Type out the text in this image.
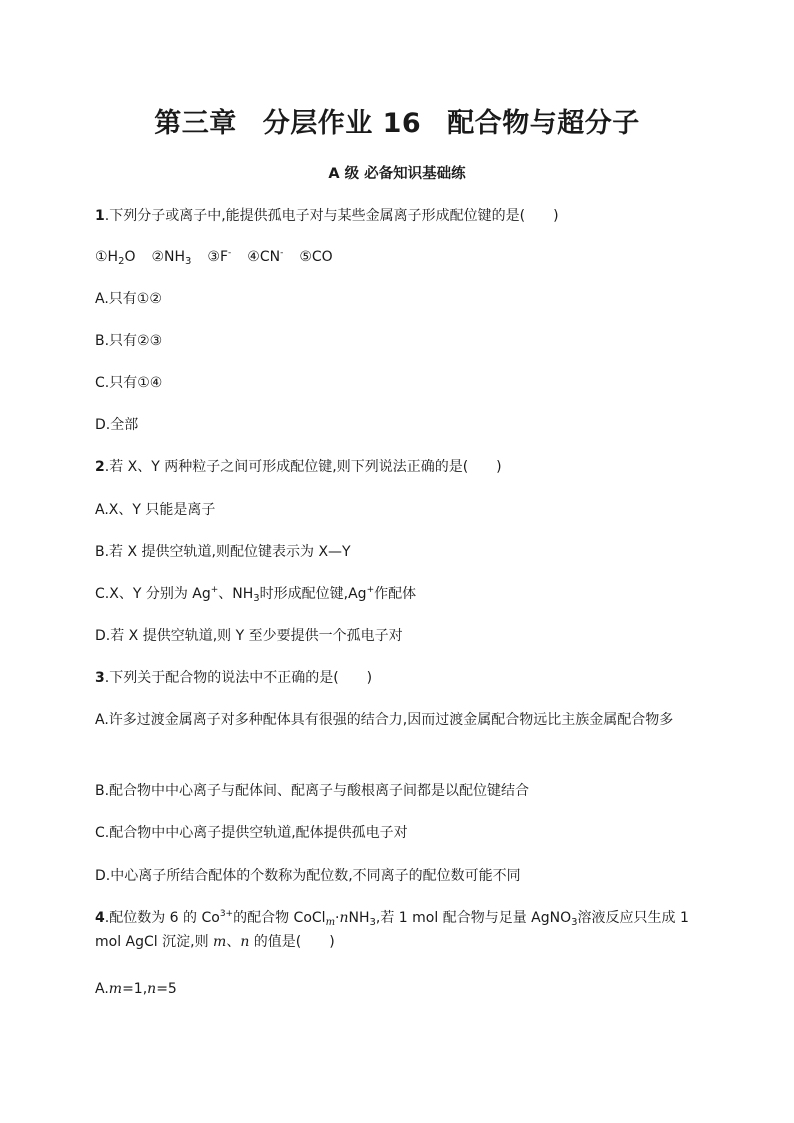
第三章 分层作业 16 配合物与超分子
A 级 必备知识基础练
1.下列分子或离子中,能提供孤电子对与某些金属离子形成配位键的是( )
$①H_2O$ $②NH_3$ ③F- ④CN- ⑤CO
A.只有①②
B.只有②③
C.只有①④
D.全部
2.若 X、Y 两种粒子之间可形成配位键,则下列说法正确的是( )
A.X、Y 只能是离子
B.若 X 提供空轨道,则配位键表示为 X—Y
C.X、Y 分别为 Ag+、$NH_3$时形成配位键,Ag+作配体
D.若 X 提供空轨道,则 Y 至少要提供一个孤电子对
3.下列关于配合物的说法中不正确的是( )
A.许多过渡金属离子对多种配体具有很强的结合力,因而过渡金属配合物远比主族金属配合物多
B.配合物中中心离子与配体间、配离子与酸根离子间都是以配位键结合
C.配合物中中心离子提供空轨道,配体提供孤电子对
D.中心离子所结合配体的个数称为配位数,不同离子的配位数可能不同
4.配位数为 6 的 $Co^{3+}$的配合物 CoCl$_m$·nNH$_3$,若 1 mol 配合物与足量 AgNO$_3$溶液反应只生成 1 mol AgCl 沉淀,则 m、n 的值是( )
A.m=1,n=5
